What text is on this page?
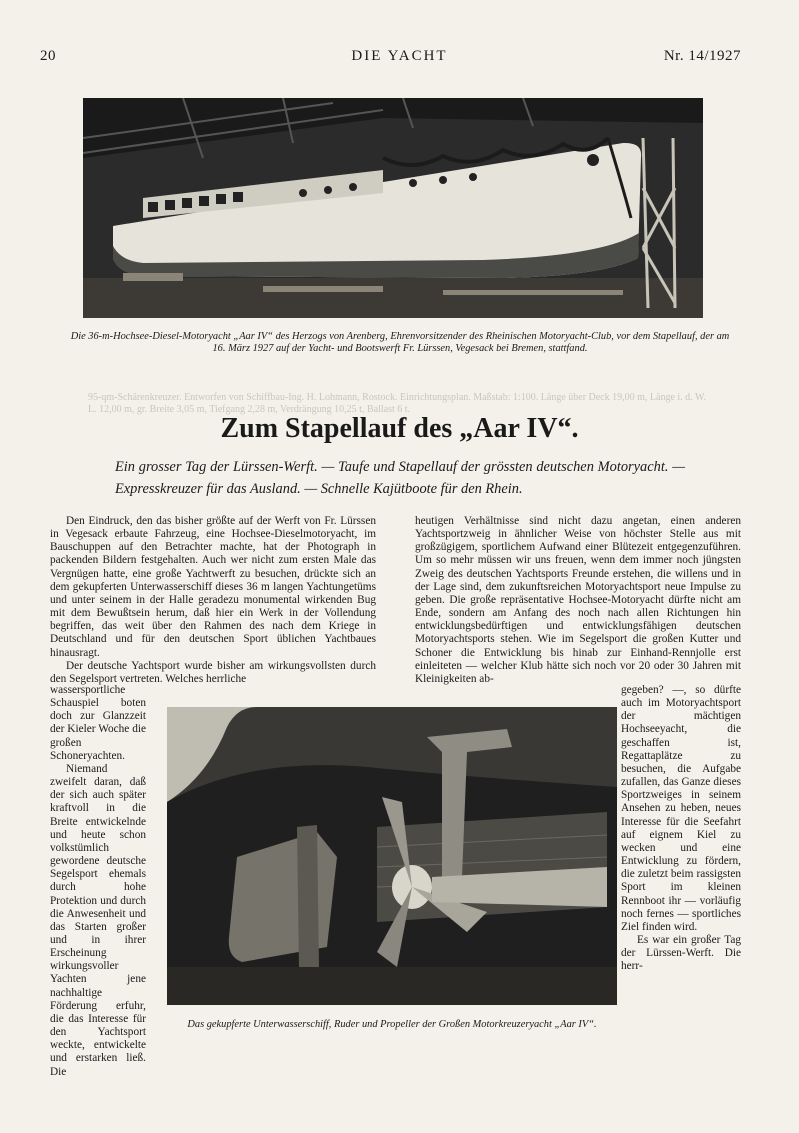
20	DIE YACHT	Nr. 14/1927
Die 36-m-Hochsee-Diesel-Motoryacht „Aar IV“ des Herzogs von Arenberg, Ehrenvorsitzender des Rheinischen Motoryacht-Club, vor dem Stapellauf, der am 16. März 1927 auf der Yacht- und Bootswerft Fr. Lürssen, Vegesack bei Bremen, stattfand.
95-qm-Schärenkreuzer. Entworfen von Schiffbau-Ing. H. Lohmann, Rostock. Einrichtungsplan. Maßstab: 1:100. Länge über Deck 19,00 m, Länge i. d. W. L. 12,00 m, gr. Breite 3,05 m, Tiefgang 2,28 m, Verdrängung 10,25 t, Ballast 6 t.
Zum Stapellauf des „Aar IV“.
Ein grosser Tag der Lürssen-Werft. — Taufe und Stapellauf der grössten deutschen Motoryacht. — Expresskreuzer für das Ausland. — Schnelle Kajütboote für den Rhein.

Den Eindruck, den das bisher größte auf der Werft von Fr. Lürssen in Vegesack erbaute Fahrzeug, eine Hochsee-Dieselmotoryacht, im Bauschuppen auf den Betrachter machte, hat der Photograph in packenden Bildern festgehalten. Auch wer nicht zum ersten Male das Vergnügen hatte, eine große Yachtwerft zu besuchen, drückte sich an dem gekupferten Unterwasserschiff dieses 36 m langen Yachtungetüms und unter seinem in der Halle geradezu monumental wirkenden Bug mit dem Bewußtsein herum, daß hier ein Werk in der Vollendung begriffen, das weit über den Rahmen des nach dem Kriege in Deutschland und für den deutschen Sport üblichen Yachtbaues hinausragt.

Der deutsche Yachtsport wurde bisher am wirkungsvollsten durch den Segelsport vertreten. Welches herrliche

heutigen Verhältnisse sind nicht dazu angetan, einen anderen Yachtsportzweig in ähnlicher Weise von höchster Stelle aus mit großzügigem, sportlichem Aufwand einer Blütezeit entgegenzuführen. Um so mehr müssen wir uns freuen, wenn dem immer noch jüngsten Zweig des deutschen Yachtsports Freunde erstehen, die willens und in der Lage sind, dem zukunftsreichen Motoryachtsport neue Impulse zu geben. Die große repräsentative Hochsee-Motoryacht dürfte nicht am Ende, sondern am Anfang des noch nach allen Richtungen hin entwicklungsbedürftigen und entwicklungsfähigen deutschen Motoryachtsports stehen. Wie im Segelsport die großen Kutter und Schoner die Entwicklung bis hinab zur Einhand-Rennjolle erst einleiteten — welcher Klub hätte sich noch vor 20 oder 30 Jahren mit Kleinigkeiten ab-

wassersportliche Schauspiel boten doch zur Glanzzeit der Kieler Woche die großen Schoneryachten.

Niemand zweifelt daran, daß der sich auch später kraftvoll in die Breite entwickelnde und heute schon volkstümlich gewordene deutsche Segelsport ehemals durch hohe Protektion und durch die Anwesenheit und das Starten großer und in ihrer Erscheinung wirkungsvoller Yachten jene nachhaltige Förderung erfuhr, die das Interesse für den Yachtsport weckte, entwickelte und erstarken ließ. Die

gegeben? —, so dürfte auch im Motoryachtsport der mächtigen Hochseeyacht, die geschaffen ist, Regattaplätze zu besuchen, die Aufgabe zufallen, das Ganze dieses Sportzweiges in seinem Ansehen zu heben, neues Interesse für die Seefahrt auf eignem Kiel zu wecken und eine Entwicklung zu fördern, die zuletzt beim rassigsten Sport im kleinen Rennboot ihr — vorläufig noch fernes — sportliches Ziel finden wird.

Es war ein großer Tag der Lürssen-Werft. Die herr-

Das gekupferte Unterwasserschiff, Ruder und Propeller der Großen Motorkreuzeryacht „Aar IV“.
